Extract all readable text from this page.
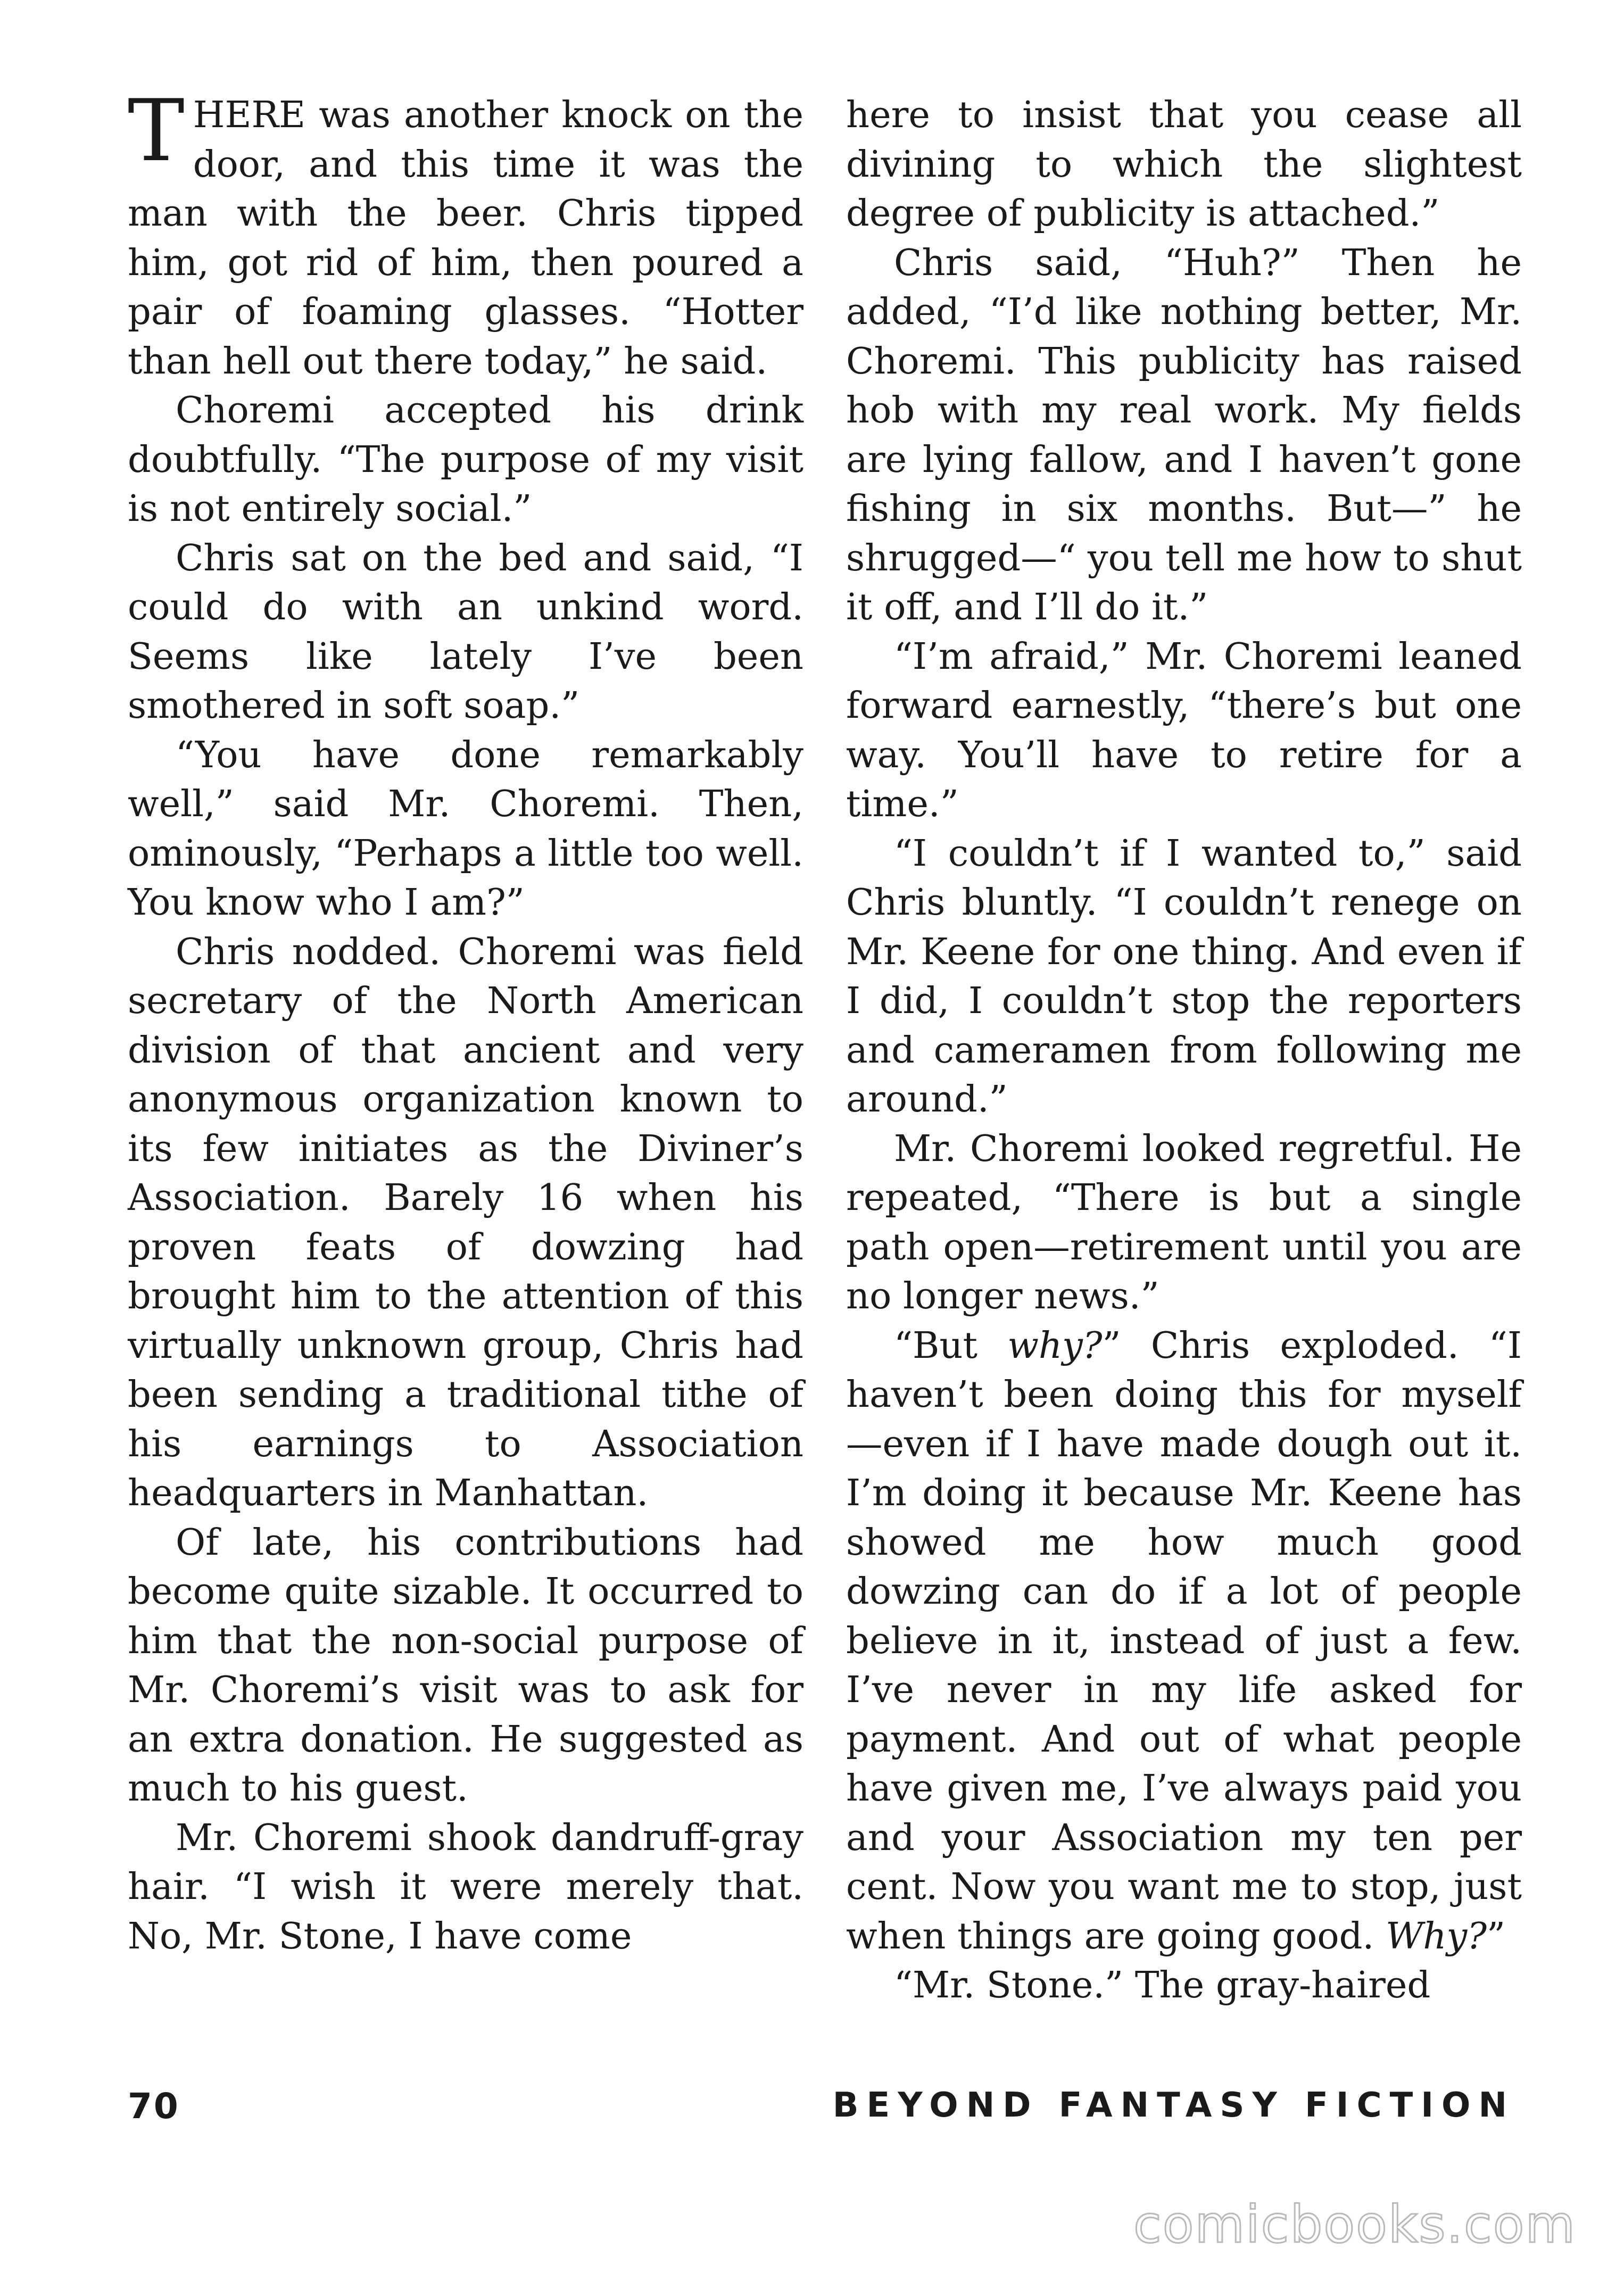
THERE was another knock on the door, and this time it was the man with the beer. Chris tipped him, got rid of him, then poured a pair of foaming glasses. “Hotter than hell out there today,” he said.

Choremi accepted his drink doubtfully. “The purpose of my visit is not entirely social.”

Chris sat on the bed and said, “I could do with an unkind word. Seems like lately I’ve been smothered in soft soap.”

“You have done remarkably well,” said Mr. Choremi. Then, ominously, “Perhaps a little too well. You know who I am?”

Chris nodded. Choremi was field secretary of the North American division of that ancient and very anonymous organization known to its few initiates as the Diviner’s Association. Barely 16 when his proven feats of dowzing had brought him to the attention of this virtually unknown group, Chris had been sending a traditional tithe of his earnings to Association headquarters in Manhattan.

Of late, his contributions had become quite sizable. It occurred to him that the non-social purpose of Mr. Choremi’s visit was to ask for an extra donation. He suggested as much to his guest.

Mr. Choremi shook dandruff-gray hair. “I wish it were merely that. No, Mr. Stone, I have come

here to insist that you cease all divining to which the slightest degree of publicity is attached.”

Chris said, “Huh?” Then he added, “I’d like nothing better, Mr. Choremi. This publicity has raised hob with my real work. My fields are lying fallow, and I haven’t gone fishing in six months. But—” he shrugged—“ you tell me how to shut it off, and I’ll do it.”

“I’m afraid,” Mr. Choremi leaned forward earnestly, “there’s but one way. You’ll have to retire for a time.”

“I couldn’t if I wanted to,” said Chris bluntly. “I couldn’t renege on Mr. Keene for one thing. And even if I did, I couldn’t stop the reporters and cameramen from following me around.”

Mr. Choremi looked regretful. He repeated, “There is but a single path open—retirement until you are no longer news.”

“But why?” Chris exploded. “I haven’t been doing this for myself —even if I have made dough out it. I’m doing it because Mr. Keene has showed me how much good dowzing can do if a lot of people believe in it, instead of just a few. I’ve never in my life asked for payment. And out of what people have given me, I’ve always paid you and your Association my ten per cent. Now you want me to stop, just when things are going good. Why?”

“Mr. Stone.” The gray-haired

70	BEYOND FANTASY FICTION
comicbooks.com
